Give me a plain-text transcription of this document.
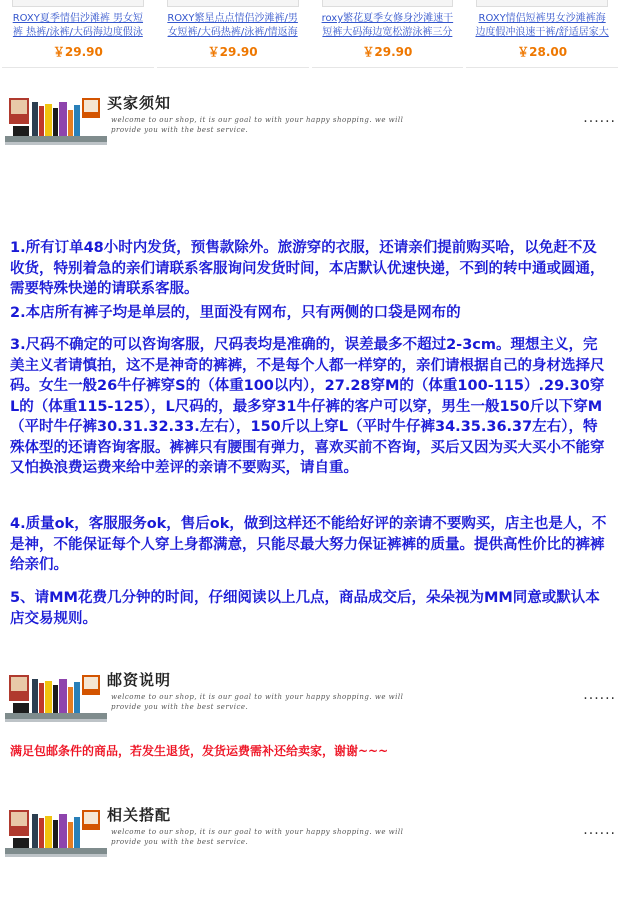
ROXY夏季情侣沙滩裤 男女短裤 热裤/泳裤/大码海边度假泳
￥29.90
ROXY繁星点点情侣沙滩裤/男女短裤/大码热裤/泳裤/情返海
￥29.90
roxy繁花夏季女修身沙滩速干短裤大码海边宽松游泳裤三分
￥29.90
ROXY情侣短裤男女沙滩裤海边度假冲浪速干裤/舒适居家大
￥28.00
买家须知
welcome to our shop, it is our goal to with your happy shopping. we will
provide you with the best service.
......

1.所有订单48小时内发货，预售款除外。旅游穿的衣服，还请亲们提前购买哈，以免赶不及收货，特别着急的亲们请联系客服询问发货时间，本店默认优速快递，不到的转中通或圆通，需要特殊快递的请联系客服。

2.本店所有裤子均是单层的，里面没有网布，只有两侧的口袋是网布的

3.尺码不确定的可以咨询客服，尺码表均是准确的，误差最多不超过2-3cm。理想主义，完美主义者请慎拍，这不是神奇的裤裤，不是每个人都一样穿的，亲们请根据自己的身材选择尺码。女生一般26牛仔裤穿S的（体重100以内），27.28穿M的（体重100-115）.29.30穿L的（体重115-125），L尺码的，最多穿31牛仔裤的客户可以穿，男生一般150斤以下穿M（平时牛仔裤30.31.32.33.左右），150斤以上穿L（平时牛仔裤34.35.36.37左右），特殊体型的还请咨询客服。裤裤只有腰围有弹力，喜欢买前不咨询，买后又因为买大买小不能穿又怕换浪费运费来给中差评的亲请不要购买，请自重。

4.质量ok，客服服务ok，售后ok，做到这样还不能给好评的亲请不要购买，店主也是人，不是神，不能保证每个人穿上身都满意，只能尽最大努力保证裤裤的质量。提供高性价比的裤裤给亲们。

5、请MM花费几分钟的时间，仔细阅读以上几点，商品成交后，朵朵视为MM同意或默认本店交易规则。

邮资说明
welcome to our shop, it is our goal to with your happy shopping. we will
provide you with the best service.
......
满足包邮条件的商品，若发生退货，发货运费需补还给卖家，谢谢~~~
相关搭配
welcome to our shop, it is our goal to with your happy shopping. we will
provide you with the best service.
......
